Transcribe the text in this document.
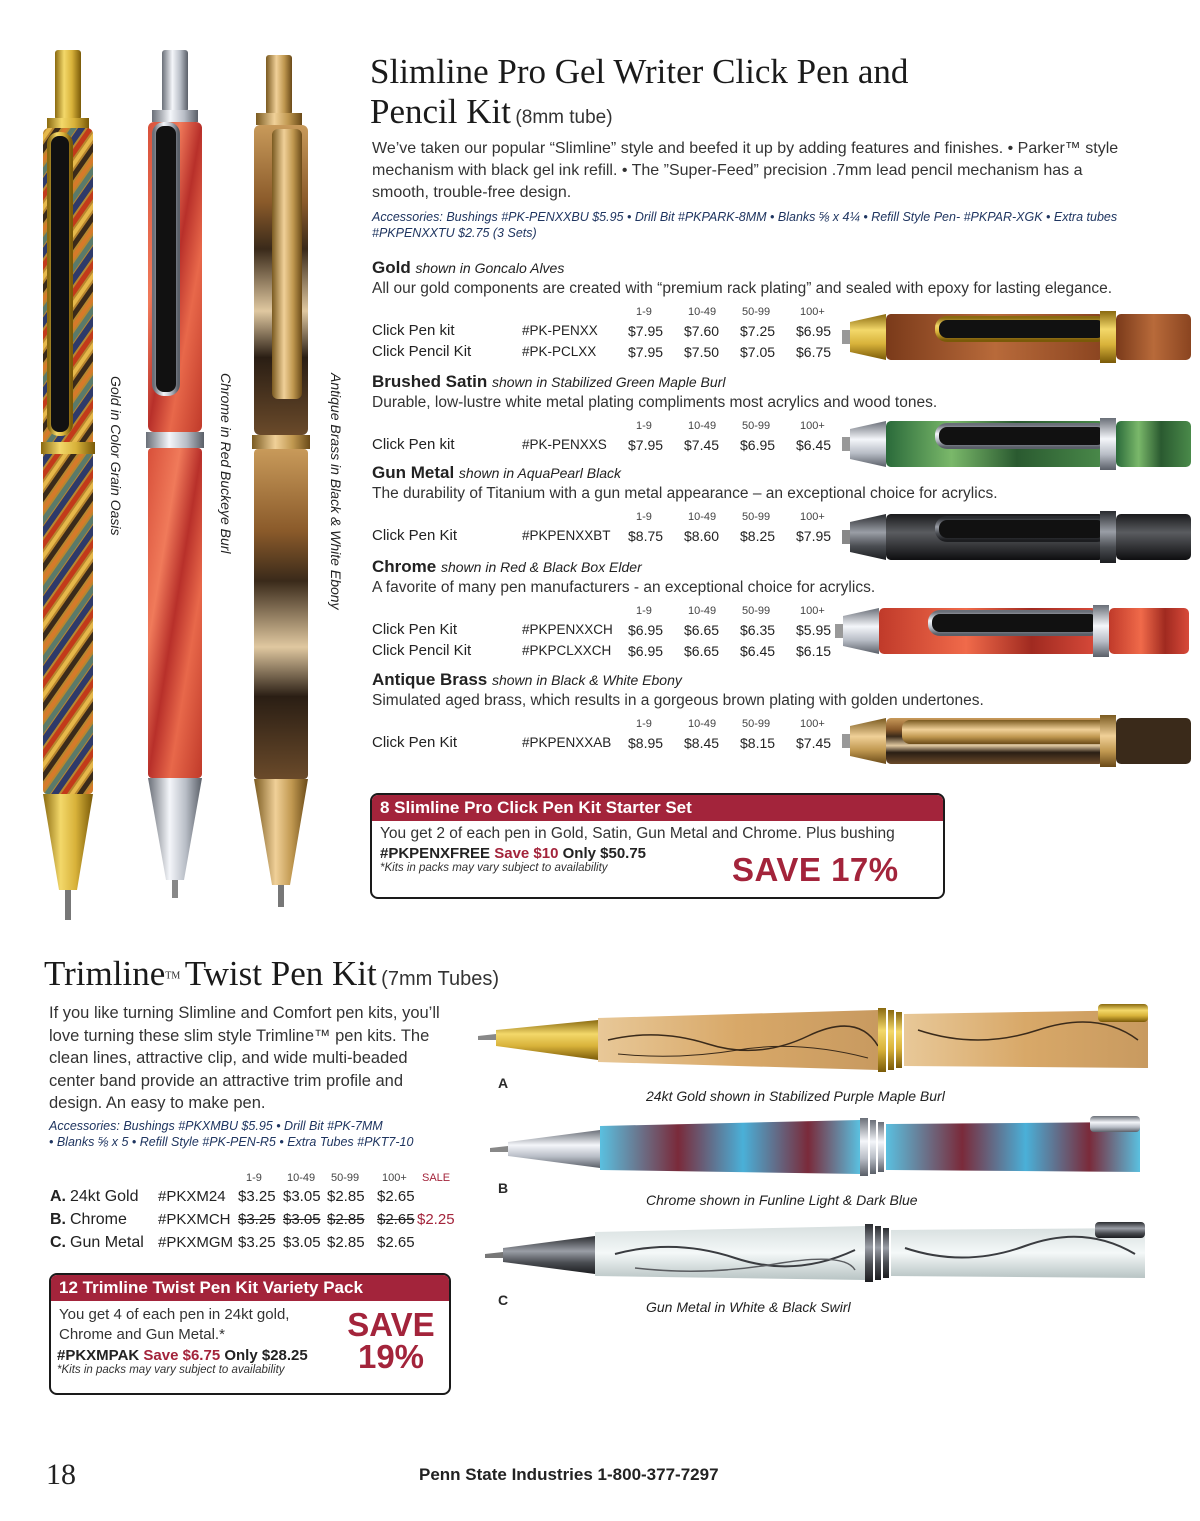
Gold in Color Grain Oasis	Chrome in Red Buckeye Burl	Antique Brass in Black & White Ebony
Slimline Pro Gel Writer Click Pen and
Pencil Kit (8mm tube)
We’ve taken our popular “Slimline” style and beefed it up by adding features and finishes. • Parker™ style
mechanism with black gel ink refill. • The ”Super-Feed” precision .7mm lead pencil mechanism has a
smooth, trouble-free design.
Accessories: Bushings #PK-PENXXBU $5.95 • Drill Bit #PKPARK-8MM • Blanks ⅝ x 4¼ • Refill Style Pen- #PKPAR-XGK • Extra tubes
#PKPENXXTU $2.75 (3 Sets)
Gold shown in Goncalo Alves
All our gold components are created with “premium rack plating” and sealed with epoxy for lasting elegance.
1-9	10-49 50-99	100+
Click Pen kit	#PK-PENXX $7.95 $7.60 $7.25 $6.95
Click Pencil Kit	#PK-PCLXX $7.95 $7.50 $7.05 $6.75
Brushed Satin shown in Stabilized Green Maple Burl
Durable, low-lustre white metal plating compliments most acrylics and wood tones.
1-9	10-49 50-99	100+
Click Pen kit	#PK-PENXXS $7.95 $7.45 $6.95 $6.45
Gun Metal shown in AquaPearl Black
The durability of Titanium with a gun metal appearance – an exceptional choice for acrylics.
1-9	10-49 50-99	100+
Click Pen Kit	#PKPENXXBT $8.75 $8.60 $8.25 $7.95
Chrome shown in Red & Black Box Elder
A favorite of many pen manufacturers - an exceptional choice for acrylics.
1-9	10-49 50-99	100+
Click Pen Kit	#PKPENXXCH $6.95 $6.65 $6.35 $5.95
Click Pencil Kit	#PKPCLXXCH $6.95 $6.65 $6.45 $6.15
Antique Brass shown in Black & White Ebony
Simulated aged brass, which results in a gorgeous brown plating with golden undertones.
1-9	10-49 50-99	100+
Click Pen Kit	#PKPENXXAB $8.95 $8.45 $8.15 $7.45
8 Slimline Pro Click Pen Kit Starter Set
You get 2 of each pen in Gold, Satin, Gun Metal and Chrome. Plus bushing
#PKPENXFREE Save $10 Only $50.75
*Kits in packs may vary subject to availability	SAVE 17%
Trimline™ Twist Pen Kit (7mm Tubes)
If you like turning Slimline and Comfort pen kits, you’ll
love turning these slim style Trimline™ pen kits. The
clean lines, attractive clip, and wide multi-beaded
center band provide an attractive trim profile and
design. An easy to make pen.
Accessories: Bushings #PKXMBU $5.95 • Drill Bit #PK-7MM
• Blanks ⅝ x 5 • Refill Style #PK-PEN-R5 • Extra Tubes #PKT7-10
1-9 10-49 50-99 100+ SALE
A. 24kt Gold #PKXM24 $3.25 $3.05 $2.85 $2.65
B. Chrome #PKXMCH $3.25 $3.05 $2.85 $2.65 $2.25
C. Gun Metal #PKXMGM $3.25 $3.05 $2.85 $2.65
12 Trimline Twist Pen Kit Variety Pack
You get 4 of each pen in 24kt gold,
Chrome and Gun Metal.*
#PKXMPAK Save $6.75 Only $28.25
*Kits in packs may vary subject to availability
SAVE
19%
A
24kt Gold shown in Stabilized Purple Maple Burl
B
Chrome shown in Funline Light & Dark Blue
C	Gun Metal in White & Black Swirl
18	Penn State Industries 1-800-377-7297
